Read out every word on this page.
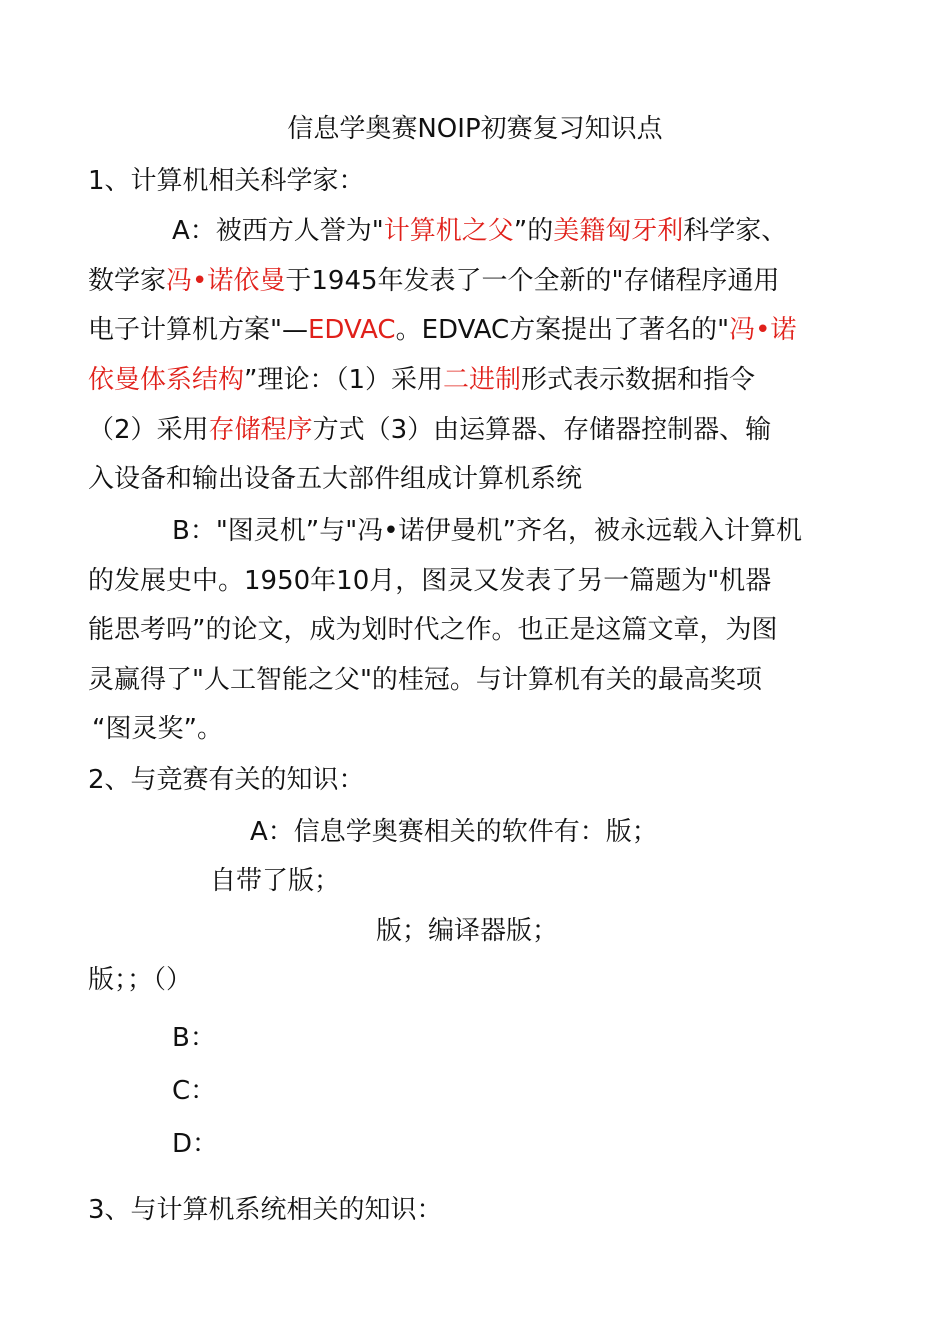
信息学奥赛NOIP初赛复习知识点
1、计算机相关科学家：
A：被西方人誉为"计算机之父”的美籍匈牙利科学家、
数学家冯•诺依曼于1945年发表了一个全新的"存储程序通用
电子计算机方案"—EDVAC。EDVAC方案提出了著名的"冯•诺
依曼体系结构”理论：（1）采用二进制形式表示数据和指令
（2）采用存储程序方式（3）由运算器、存储器控制器、输
入设备和输出设备五大部件组成计算机系统
B："图灵机”与"冯•诺伊曼机”齐名，被永远载入计算机
的发展史中。1950年10月，图灵又发表了另一篇题为"机器
能思考吗”的论文，成为划时代之作。也正是这篇文章，为图
灵赢得了"人工智能之父"的桂冠。与计算机有关的最高奖项
“图灵奖”。
2、与竞赛有关的知识：
A：信息学奥赛相关的软件有：版；
自带了版；
版；编译器版；
版；；（）
B：
C：
D：
3、与计算机系统相关的知识：
